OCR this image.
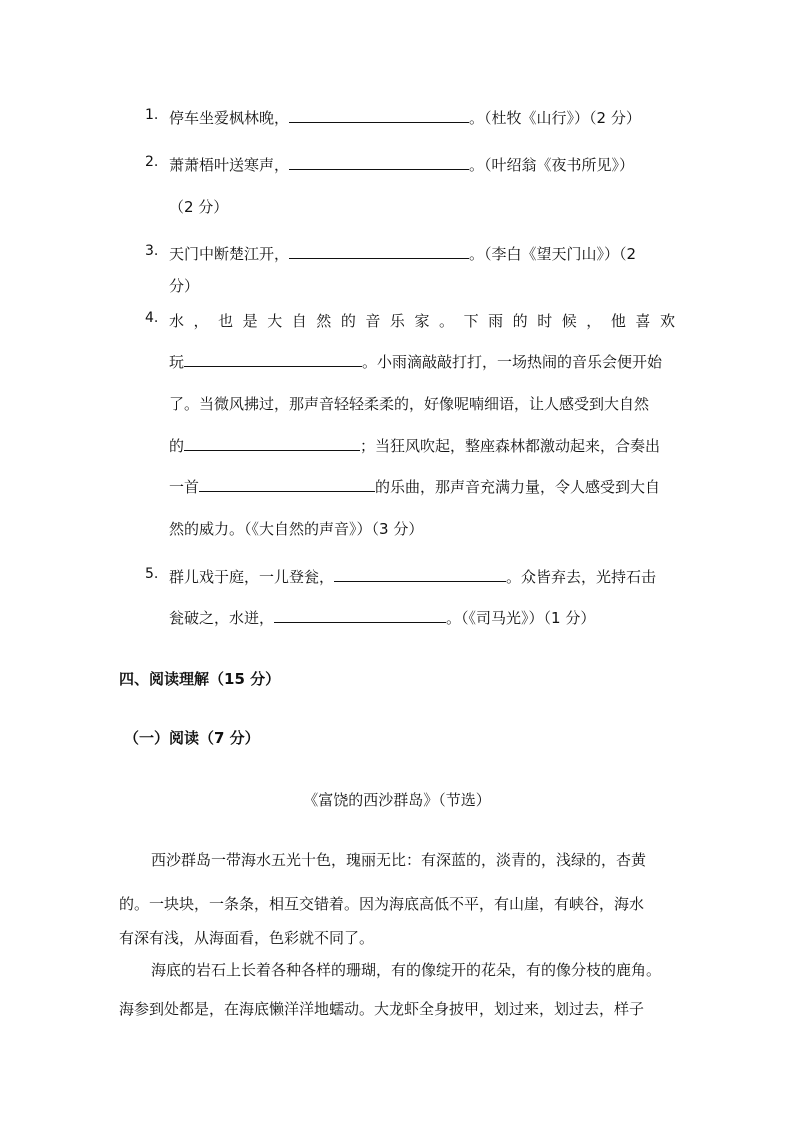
1. 停车坐爱枫林晚，	。（杜牧《山行》）（2 分）
2. 萧萧梧叶送寒声，	。（叶绍翁《夜书所见》）
（2 分）
3. 天门中断楚江开，	。（李白《望天门山》）（2
分）
4. 水 ， 也 是 大 自 然 的 音 乐 家 。 下 雨 的 时 候 ， 他 喜 欢
玩	。小雨滴敲敲打打，一场热闹的音乐会便开始
了。当微风拂过，那声音轻轻柔柔的，好像呢喃细语，让人感受到大自然
的	；当狂风吹起，整座森林都激动起来，合奏出
一首	的乐曲，那声音充满力量，令人感受到大自
然的威力。（《大自然的声音》）（3 分）
5. 群儿戏于庭，一儿登瓮，	。众皆弃去，光持石击
瓮破之，水迸，	。（《司马光》）（1 分）
四、阅读理解（15 分）
（一）阅读（7 分）
《富饶的西沙群岛》（节选）
西沙群岛一带海水五光十色，瑰丽无比：有深蓝的，淡青的，浅绿的，杏黄
的。一块块，一条条，相互交错着。因为海底高低不平，有山崖，有峡谷，海水
有深有浅，从海面看，色彩就不同了。
海底的岩石上长着各种各样的珊瑚，有的像绽开的花朵，有的像分枝的鹿角。
海参到处都是，在海底懒洋洋地蠕动。大龙虾全身披甲，划过来，划过去，样子
